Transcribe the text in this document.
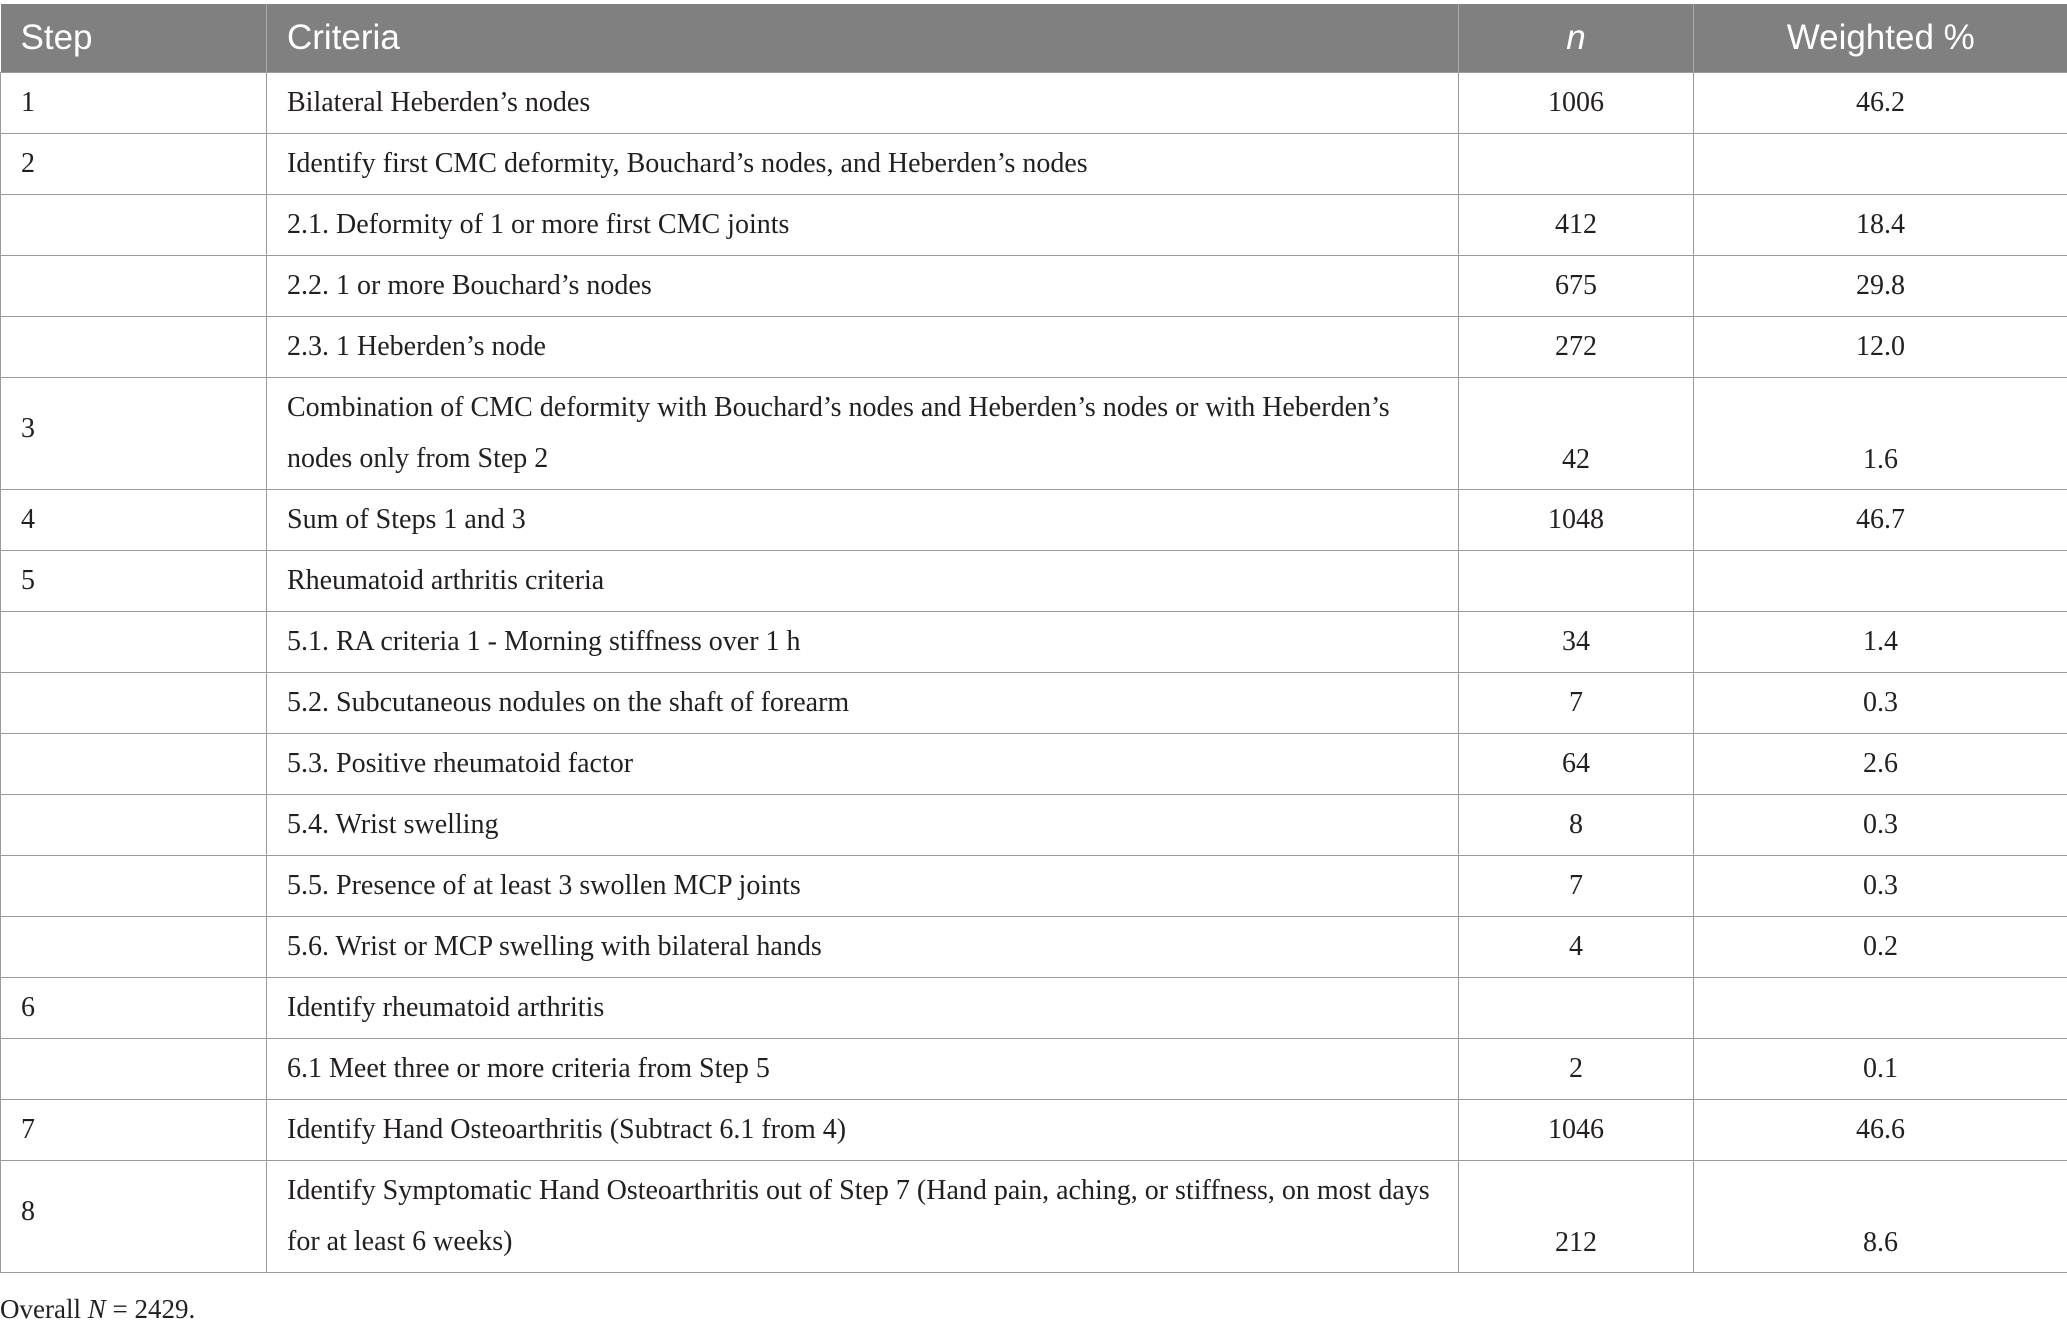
Step	Criteria	n	Weighted %
1	Bilateral Heberden’s nodes	1006	46.2
2	Identify first CMC deformity, Bouchard’s nodes, and Heberden’s nodes		
	2.1. Deformity of 1 or more first CMC joints	412	18.4
	2.2. 1 or more Bouchard’s nodes	675	29.8
	2.3. 1 Heberden’s node	272	12.0
3	Combination of CMC deformity with Bouchard’s nodes and Heberden’s nodes or with Heberden’s nodes only from Step 2	42	1.6
4	Sum of Steps 1 and 3	1048	46.7
5	Rheumatoid arthritis criteria		
	5.1. RA criteria 1 - Morning stiffness over 1 h	34	1.4
	5.2. Subcutaneous nodules on the shaft of forearm	7	0.3
	5.3. Positive rheumatoid factor	64	2.6
	5.4. Wrist swelling	8	0.3
	5.5. Presence of at least 3 swollen MCP joints	7	0.3
	5.6. Wrist or MCP swelling with bilateral hands	4	0.2
6	Identify rheumatoid arthritis		
	6.1 Meet three or more criteria from Step 5	2	0.1
7	Identify Hand Osteoarthritis (Subtract 6.1 from 4)	1046	46.6
8	Identify Symptomatic Hand Osteoarthritis out of Step 7 (Hand pain, aching, or stiffness, on most days for at least 6 weeks)	212	8.6
Overall N = 2429.
